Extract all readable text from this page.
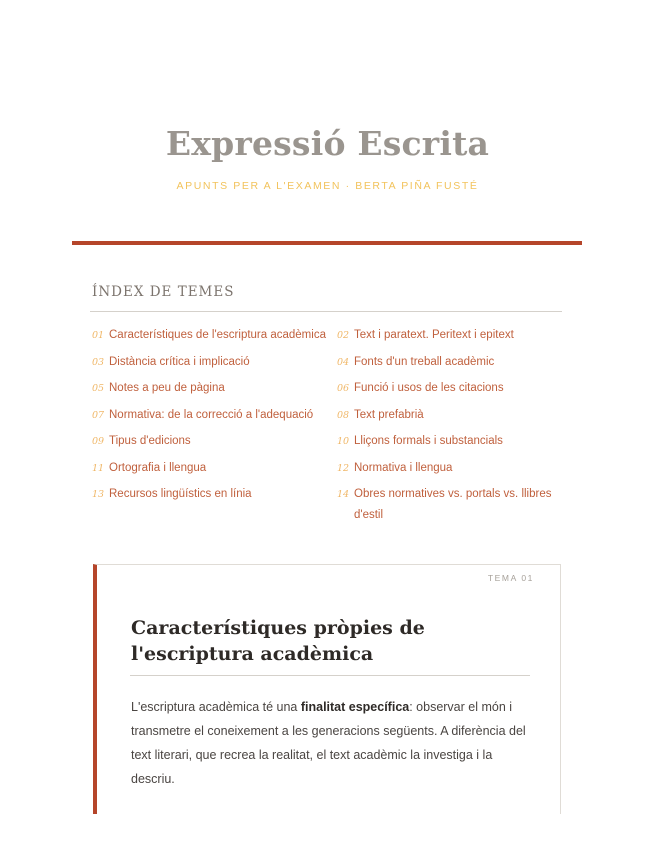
Expressió Escrita
APUNTS PER A L'EXAMEN · BERTA PIÑA FUSTÉ
ÍNDEX DE TEMES
01 Característiques de l'escriptura acadèmica
03 Distància crítica i implicació
05 Notes a peu de pàgina
07 Normativa: de la correcció a l'adequació
09 Tipus d'edicions
11 Ortografia i llengua
13 Recursos lingüístics en línia
02 Text i paratext. Peritext i epitext
04 Fonts d'un treball acadèmic
06 Funció i usos de les citacions
08 Text prefabrià
10 Lliçons formals i substancials
12 Normativa i llengua
14 Obres normatives vs. portals vs. llibres d'estil
TEMA 01
Característiques pròpies de l'escriptura acadèmica

L'escriptura acadèmica té una finalitat específica: observar el món i transmetre el coneixement a les generacions següents. A diferència del text literari, que recrea la realitat, el text acadèmic la investiga i la descriu.
